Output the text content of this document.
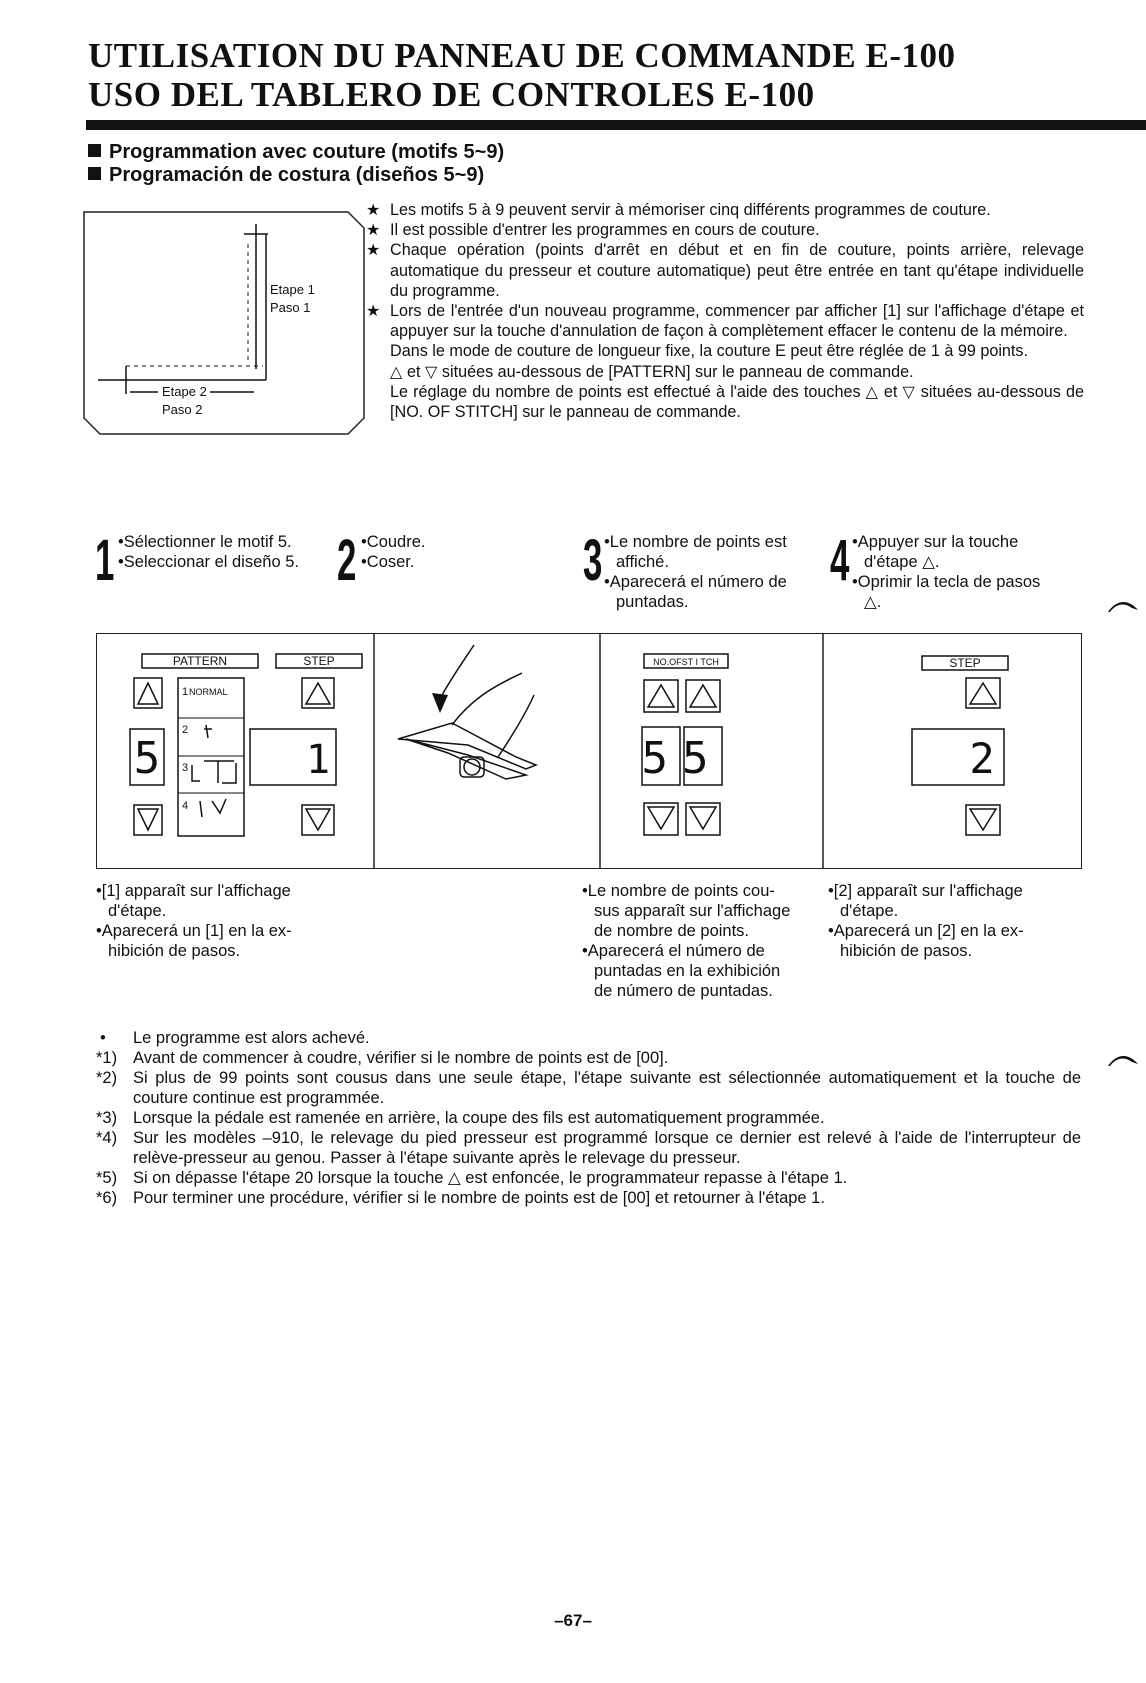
UTILISATION DU PANNEAU DE COMMANDE E-100
USO DEL TABLERO DE CONTROLES E-100
Programmation avec couture (motifs 5~9)
Programación de costura (diseños 5~9)
Etape 1
Paso 1
Etape 2
Paso 2
★ Les motifs 5 à 9 peuvent servir à mémoriser cinq différents programmes de couture.
★ Il est possible d'entrer les programmes en cours de couture.
★ Chaque opération (points d'arrêt en début et en fin de couture, points arrière, relevage automatique du presseur et couture automatique) peut être entrée en tant qu'étape individuelle du programme.
★ Lors de l'entrée d'un nouveau programme, commencer par afficher [1] sur l'affichage d'étape et appuyer sur la touche d'annulation de façon à complètement effacer le contenu de la mémoire.
Dans le mode de couture de longueur fixe, la couture E peut être réglée de 1 à 99 points.
△ et ▽ situées au-dessous de [PATTERN] sur le panneau de commande.
Le réglage du nombre de points est effectué à l'aide des touches △ et ▽ situées au-dessous de [NO. OF STITCH] sur le panneau de commande.
1 •Sélectionner le motif 5.
•Seleccionar el diseño 5. 2 •Coudre.
•Coser.	3 •Le nombre de points est
affiché.
•Aparecerá el número de
puntadas.
4 •Appuyer sur la touche
d'étape △.
•Oprimir la tecla de pasos
△.
PATTERN	STEP
5
1 NORMAL
2
3
4
1
NO.OFST I TCH
55
STEP
2
•[1] apparaît sur l'affichage
d'étape.
•Aparecerá un [1] en la ex-
hibición de pasos.
•Le nombre de points cou-
sus apparaît sur l'affichage
de nombre de points.
•Aparecerá el número de
puntadas en la exhibición
de número de puntadas.
•[2] apparaît sur l'affichage
d'étape.
•Aparecerá un [2] en la ex-
hibición de pasos.
• Le programme est alors achevé.
*1) Avant de commencer à coudre, vérifier si le nombre de points est de [00].
*2) Si plus de 99 points sont cousus dans une seule étape, l'étape suivante est sélectionnée automatiquement et la touche de couture continue est programmée.
*3) Lorsque la pédale est ramenée en arrière, la coupe des fils est automatiquement programmée.
*4) Sur les modèles –910, le relevage du pied presseur est programmé lorsque ce dernier est relevé à l'aide de l'interrupteur de relève-presseur au genou. Passer à l'étape suivante après le relevage du presseur.
*5) Si on dépasse l'étape 20 lorsque la touche △ est enfoncée, le programmateur repasse à l'étape 1.
*6) Pour terminer une procédure, vérifier si le nombre de points est de [00] et retourner à l'étape 1.
–67–
